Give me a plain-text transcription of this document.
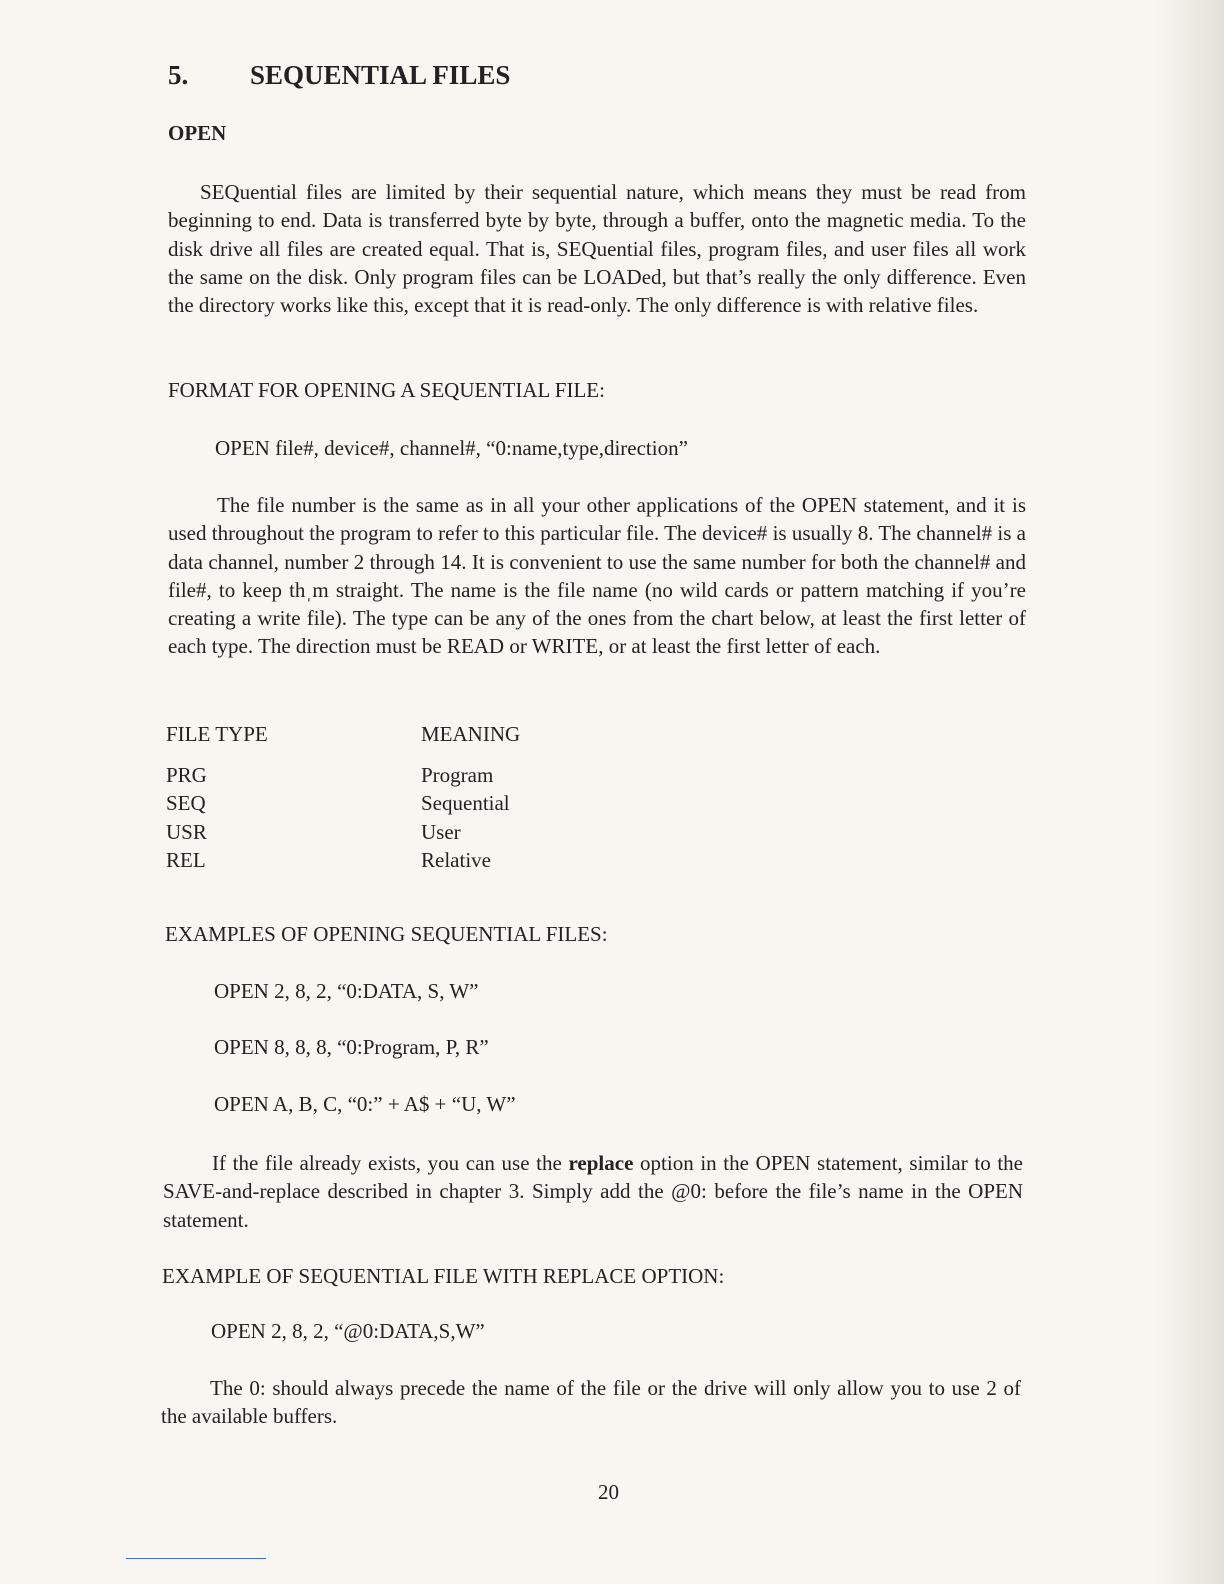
5. SEQUENTIAL FILES
OPEN
SEQuential files are limited by their sequential nature, which means they must be read from beginning to end. Data is transferred byte by byte, through a buffer, onto the magnetic media. To the disk drive all files are created equal. That is, SEQuential files, program files, and user files all work the same on the disk. Only program files can be LOADed, but that’s really the only difference. Even the directory works like this, except that it is read-only. The only difference is with relative files.
FORMAT FOR OPENING A SEQUENTIAL FILE:
OPEN file#, device#, channel#, “0:name,type,direction”
The file number is the same as in all your other applications of the OPEN statement, and it is used throughout the program to refer to this particular file. The device# is usually 8. The channel# is a data channel, number 2 through 14. It is convenient to use the same number for both the channel# and file#, to keep thˌm straight. The name is the file name (no wild cards or pattern matching if you’re creating a write file). The type can be any of the ones from the chart below, at least the first letter of each type. The direction must be READ or WRITE, or at least the first letter of each.
FILE TYPE	MEANING
PRG	Program
SEQ	Sequential
USR	User
REL	Relative
EXAMPLES OF OPENING SEQUENTIAL FILES:
OPEN 2, 8, 2, “0:DATA, S, W”
OPEN 8, 8, 8, “0:Program, P, R”
OPEN A, B, C, “0:” + A$ + “U, W”
If the file already exists, you can use the replace option in the OPEN statement, similar to the SAVE-and-replace described in chapter 3. Simply add the @0: before the file’s name in the OPEN statement.
EXAMPLE OF SEQUENTIAL FILE WITH REPLACE OPTION:
OPEN 2, 8, 2, “@0:DATA,S,W”
The 0: should always precede the name of the file or the drive will only allow you to use 2 of the available buffers.
20
